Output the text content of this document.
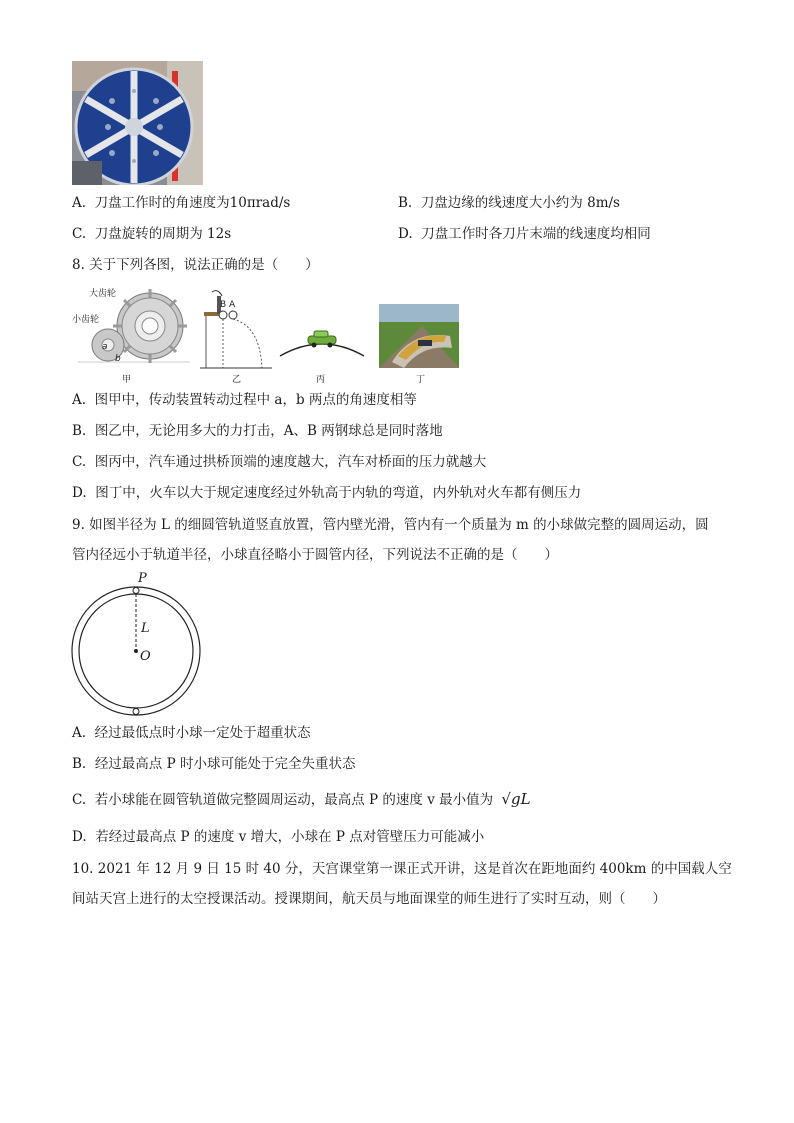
A. 刀盘工作时的角速度为10πrad/s	B. 刀盘边缘的线速度大小约为 8m/s
C. 刀盘旋转的周期为 12s	D. 刀盘工作时各刀片末端的线速度均相同
8. 关于下列各图，说法正确的是（　　）
大齿轮
小齿轮
a
b
B A
甲	乙	丙	丁
A. 图甲中，传动装置转动过程中 a，b 两点的角速度相等
B. 图乙中，无论用多大的力打击，A、B 两钢球总是同时落地
C. 图丙中，汽车通过拱桥顶端的速度越大，汽车对桥面的压力就越大
D. 图丁中，火车以大于规定速度经过外轨高于内轨的弯道，内外轨对火车都有侧压力
9. 如图半径为 L 的细圆管轨道竖直放置，管内壁光滑，管内有一个质量为 m 的小球做完整的圆周运动，圆
管内径远小于轨道半径，小球直径略小于圆管内径，下列说法不正确的是（　　）
P
L
O
A. 经过最低点时小球一定处于超重状态
B. 经过最高点 P 时小球可能处于完全失重状态
C. 若小球能在圆管轨道做完整圆周运动，最高点 P 的速度 v 最小值为 √gL
D. 若经过最高点 P 的速度 v 增大，小球在 P 点对管壁压力可能减小
10. 2021 年 12 月 9 日 15 时 40 分，天宫课堂第一课正式开讲，这是首次在距地面约 400km 的中国载人空
间站天宫上进行的太空授课活动。授课期间，航天员与地面课堂的师生进行了实时互动，则（　　）
